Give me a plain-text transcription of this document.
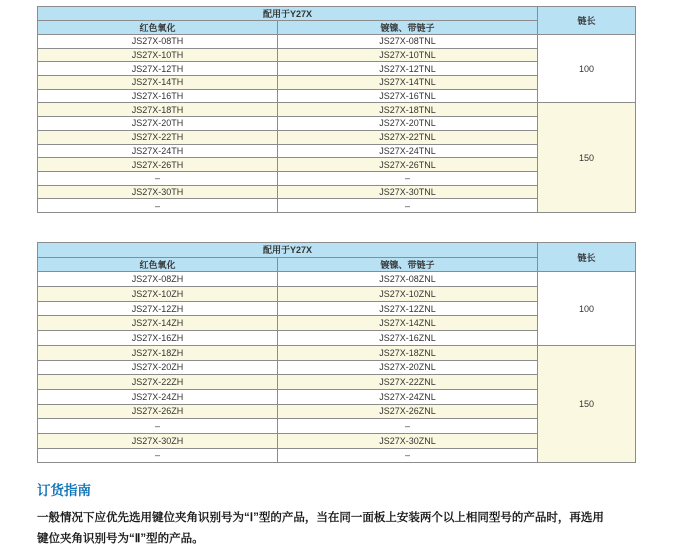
配用于Y27X		链长
红色氧化	镀镍、带链子	
JS27X-08TH	JS27X-08TNL	100
JS27X-10TH	JS27X-10TNL	
JS27X-12TH	JS27X-12TNL	
JS27X-14TH	JS27X-14TNL	
JS27X-16TH	JS27X-16TNL	
JS27X-18TH	JS27X-18TNL	150
JS27X-20TH	JS27X-20TNL	
JS27X-22TH	JS27X-22TNL	
JS27X-24TH	JS27X-24TNL	
JS27X-26TH	JS27X-26TNL	
–	–	
JS27X-30TH	JS27X-30TNL	
–	–	
配用于Y27X		链长
红色氧化	镀镍、带链子	
JS27X-08ZH	JS27X-08ZNL	100
JS27X-10ZH	JS27X-10ZNL	
JS27X-12ZH	JS27X-12ZNL	
JS27X-14ZH	JS27X-14ZNL	
JS27X-16ZH	JS27X-16ZNL	
JS27X-18ZH	JS27X-18ZNL	150
JS27X-20ZH	JS27X-20ZNL	
JS27X-22ZH	JS27X-22ZNL	
JS27X-24ZH	JS27X-24ZNL	
JS27X-26ZH	JS27X-26ZNL	
–	–	
JS27X-30ZH	JS27X-30ZNL	
–	–	
订货指南
一般情况下应优先选用键位夹角识别号为“Ⅰ”型的产品，当在同一面板上安装两个以上相同型号的产品时，再选用
键位夹角识别号为“Ⅱ”型的产品。
